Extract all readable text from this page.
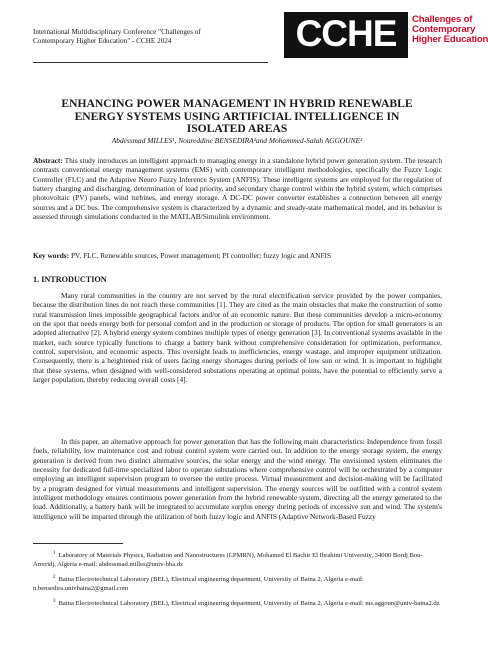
International Multidisciplinary Conference "Challenges of
Contemporary Higher Education" - CCHE 2024	CCHE	Challenges of
Contemporary
Higher Education
ENHANCING POWER MANAGEMENT IN HYBRID RENEWABLE
ENERGY SYSTEMS USING ARTIFICIAL INTELLIGENCE IN
ISOLATED AREAS
Abdessmad MILLES¹, Noureddine BENSEDIRA²and Mohammed-Salah AGGOUNE³
Abstract: This study introduces an intelligent approach to managing energy in a standalone hybrid power generation system. The research contrasts conventional energy management systems (EMS) with contemporary intelligent methodologies, specifically the Fuzzy Logic Controller (FLC) and the Adaptive Neuro Fuzzy Inference System (ANFIS). These intelligent systems are employed for the regulation of battery charging and discharging, determination of load priority, and secondary charge control within the hybrid system, which comprises photovoltaic (PV) panels, wind turbines, and energy storage. A DC-DC power converter establishes a connection between all energy sources and a DC bus. The comprehensive system is characterized by a dynamic and steady-state mathematical model, and its behavior is assessed through simulations conducted in the MATLAB/Simulink environment.
Key words: PV, FLC, Renewable sources, Power management; PI controller; fuzzy logic and ANFIS
1. INTRODUCTION
Many rural communities in the country are not served by the rural electrification service provided by the power companies, because the distribution lines do not reach these communities [1]. They are cited as the main obstacles that make the construction of some rural transmission lines impossible geographical factors and/or of an economic nature. But these communities develop a micro-economy on the spot that needs energy both for personal comfort and in the production or storage of products. The option for small generators is an adopted alternative [2]. A hybrid energy system combines multiple types of energy generation [3]. In conventional systems available in the market, each source typically functions to charge a battery bank without comprehensive consideration for optimization, performance, control, supervision, and economic aspects. This oversight leads to inefficiencies, energy wastage, and improper equipment utilization. Consequently, there is a heightened risk of users facing energy shortages during periods of low sun or wind. It is important to highlight that these systems, when designed with well-considered substations operating at optimal points, have the potential to efficiently serve a larger population, thereby reducing overall costs [4].
In this paper, an alternative approach for power generation that has the following main characteristics: Independence from fossil fuels, reliability, low maintenance cost and robust control system were carried out. In addition to the energy storage system, the energy generation is derived from two distinct alternative sources, the solar energy and the wind energy. The envisioned system eliminates the necessity for dedicated full-time specialized labor to operate substations where comprehensive control will be orchestrated by a computer employing an intelligent supervision program to oversee the entire process. Virtual measurement and decision-making will be facilitated by a program designed for virtual measurements and intelligent supervision. The energy sources will be outfitted with a control system intelligent methodology ensures continuous power generation from the hybrid renewable system, directing all the energy generated to the load. Additionally, a battery bank will be integrated to accumulate surplus energy during periods of excessive sun and wind. The system's intelligence will be imparted through the utilization of both fuzzy logic and ANFIS (Adaptive Network-Based Fuzzy
$^1$ Laboratory of Materials Physics, Radiation and Nanostructures (LPMRN), Mohamed El Bachir El Ibrahimi University, 34000 Bordj Bou-Arreridj, Algeria e-mail: abdessmad.milles@univ-bba.dz
$^2$ Batna Electrotechnical Laboratory (BEL), Electrical engineering department, University of Batna 2, Algeria e-mail: n.bensedira.univbatna2@gmail.com
$^3$ Batna Electrotechnical Laboratory (BEL), Electrical engineering department, University of Batna 2, Algeria e-mail: ms.aggoun@univ-batna2.dz
